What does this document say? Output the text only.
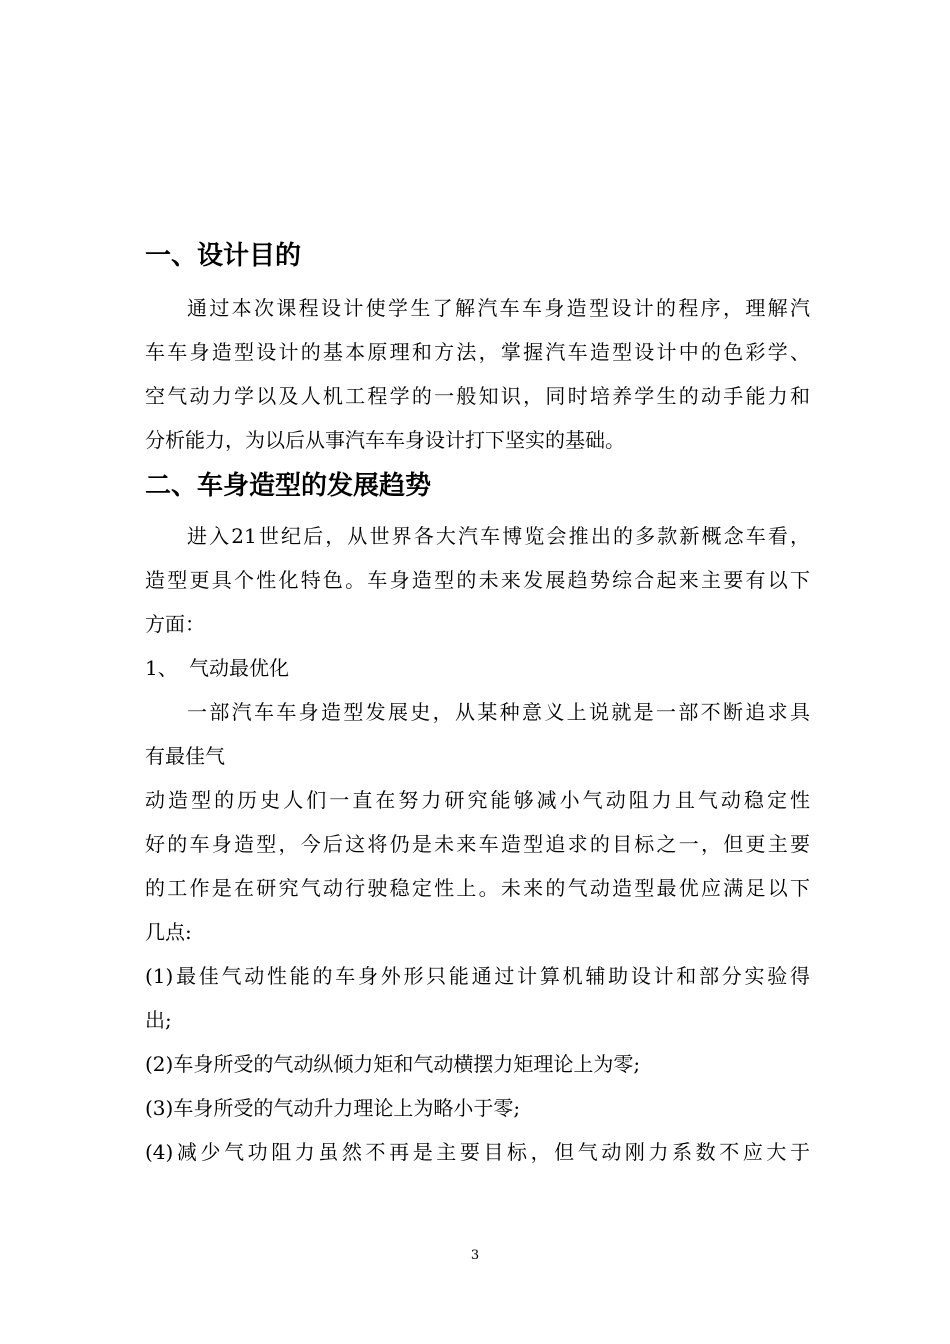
一、设计目的

通过本次课程设计使学生了解汽车车身造型设计的程序，理解汽

车车身造型设计的基本原理和方法，掌握汽车造型设计中的色彩学、

空气动力学以及人机工程学的一般知识，同时培养学生的动手能力和

分析能力，为以后从事汽车车身设计打下坚实的基础。

二、车身造型的发展趋势

进入21世纪后，从世界各大汽车博览会推出的多款新概念车看，

造型更具个性化特色。车身造型的未来发展趋势综合起来主要有以下

方面：

1、 气动最优化

一部汽车车身造型发展史，从某种意义上说就是一部不断追求具

有最佳气

动造型的历史人们一直在努力研究能够减小气动阻力且气动稳定性

好的车身造型，今后这将仍是未来车造型追求的目标之一，但更主要

的工作是在研究气动行驶稳定性上。未来的气动造型最优应满足以下

几点:

(1)最佳气动性能的车身外形只能通过计算机辅助设计和部分实验得

出;

(2)车身所受的气动纵倾力矩和气动横摆力矩理论上为零;

(3)车身所受的气动升力理论上为略小于零;

(4)减少气功阻力虽然不再是主要目标，但气动刚力系数不应大于

3
